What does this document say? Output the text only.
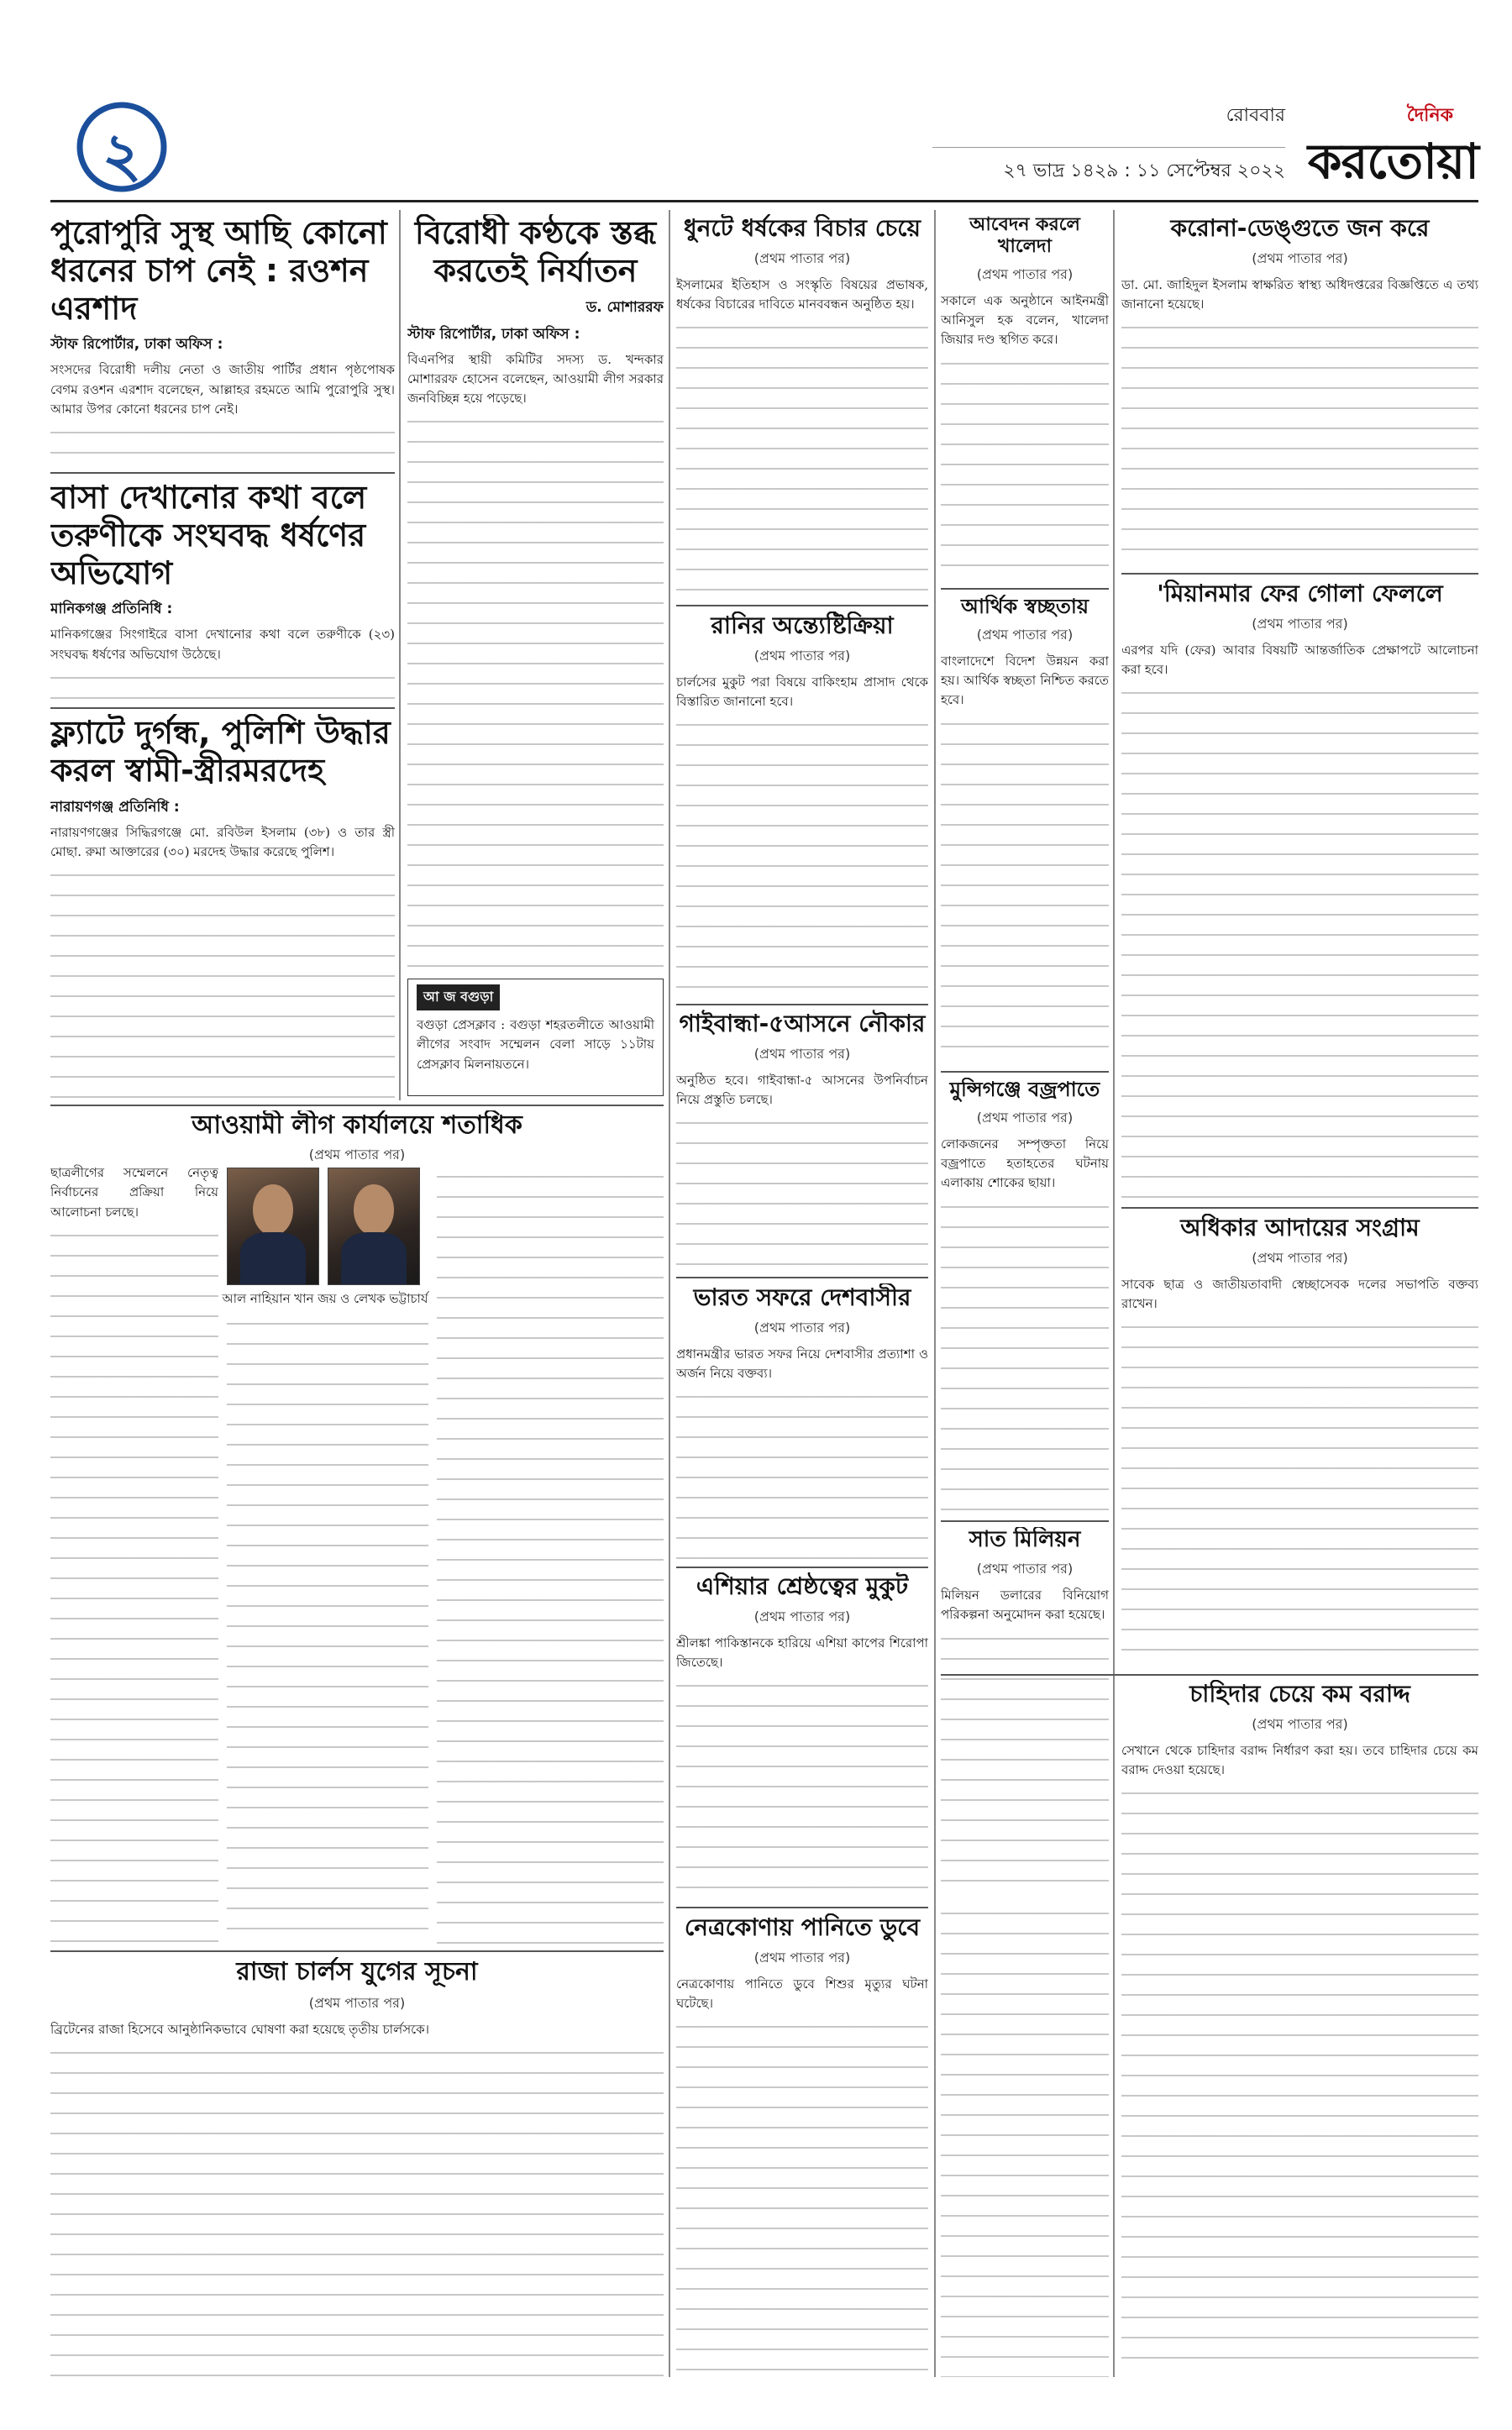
২
রোববার
২৭ ভাদ্র ১৪২৯ : ১১ সেপ্টেম্বর ২০২২
দৈনিক
করতোয়া
পুরোপুরি সুস্থ আছি কোনো ধরনের চাপ নেই : রওশন এরশাদ
স্টাফ রিপোর্টার, ঢাকা অফিস :

সংসদের বিরোধী দলীয় নেতা ও জাতীয় পার্টির প্রধান পৃষ্ঠপোষক বেগম রওশন এরশাদ বলেছেন, আল্লাহর রহমতে আমি পুরোপুরি সুস্থ। আমার উপর কোনো ধরনের চাপ নেই।

বাসা দেখানোর কথা বলে তরুণীকে সংঘবদ্ধ ধর্ষণের অভিযোগ
মানিকগঞ্জ প্রতিনিধি :

মানিকগঞ্জের সিংগাইরে বাসা দেখানোর কথা বলে তরুণীকে (২৩) সংঘবদ্ধ ধর্ষণের অভিযোগ উঠেছে।

ফ্ল্যাটে দুর্গন্ধ, পুলিশি উদ্ধার করল স্বামী-স্ত্রীরমরদেহ
নারায়ণগঞ্জ প্রতিনিধি :

নারায়ণগঞ্জের সিদ্ধিরগঞ্জে মো. রবিউল ইসলাম (৩৮) ও তার স্ত্রী মোছা. রুমা আক্তারের (৩০) মরদেহ উদ্ধার করেছে পুলিশ।

বিরোধী কণ্ঠকে স্তব্ধ করতেই নির্যাতন
ড. মোশাররফ
স্টাফ রিপোর্টার, ঢাকা অফিস :

বিএনপির স্থায়ী কমিটির সদস্য ড. খন্দকার মোশাররফ হোসেন বলেছেন, আওয়ামী লীগ সরকার জনবিচ্ছিন্ন হয়ে পড়েছে।

আ জ বগুড়া

বগুড়া প্রেসক্লাব : বগুড়া শহরতলীতে আওয়ামী লীগের সংবাদ সম্মেলন বেলা সাড়ে ১১টায় প্রেসক্লাব মিলনায়তনে।

আওয়ামী লীগ কার্যালয়ে শতাধিক
(প্রথম পাতার পর)

ছাত্রলীগের সম্মেলনে নেতৃত্ব নির্বাচনের প্রক্রিয়া নিয়ে আলোচনা চলছে।

আল নাহিয়ান খান জয় ও লেখক ভট্টাচার্য
রাজা চার্লস যুগের সূচনা
(প্রথম পাতার পর)

ব্রিটেনের রাজা হিসেবে আনুষ্ঠানিকভাবে ঘোষণা করা হয়েছে তৃতীয় চার্লসকে।

ধুনটে ধর্ষকের বিচার চেয়ে
(প্রথম পাতার পর)

ইসলামের ইতিহাস ও সংস্কৃতি বিষয়ের প্রভাষক, ধর্ষকের বিচারের দাবিতে মানববন্ধন অনুষ্ঠিত হয়।

রানির অন্ত্যেষ্টিক্রিয়া
(প্রথম পাতার পর)

চার্লসের মুকুট পরা বিষয়ে বাকিংহাম প্রাসাদ থেকে বিস্তারিত জানানো হবে।

গাইবান্ধা-৫আসনে নৌকার
(প্রথম পাতার পর)

অনুষ্ঠিত হবে। গাইবান্ধা-৫ আসনের উপনির্বাচন নিয়ে প্রস্তুতি চলছে।

ভারত সফরে দেশবাসীর
(প্রথম পাতার পর)

প্রধানমন্ত্রীর ভারত সফর নিয়ে দেশবাসীর প্রত্যাশা ও অর্জন নিয়ে বক্তব্য।

এশিয়ার শ্রেষ্ঠত্বের মুকুট
(প্রথম পাতার পর)

শ্রীলঙ্কা পাকিস্তানকে হারিয়ে এশিয়া কাপের শিরোপা জিতেছে।

নেত্রকোণায় পানিতে ডুবে
(প্রথম পাতার পর)

নেত্রকোণায় পানিতে ডুবে শিশুর মৃত্যুর ঘটনা ঘটেছে।

আবেদন করলে খালেদা
(প্রথম পাতার পর)

সকালে এক অনুষ্ঠানে আইনমন্ত্রী আনিসুল হক বলেন, খালেদা জিয়ার দণ্ড স্থগিত করে।

আর্থিক স্বচ্ছতায়
(প্রথম পাতার পর)

বাংলাদেশে বিদেশ উন্নয়ন করা হয়। আর্থিক স্বচ্ছতা নিশ্চিত করতে হবে।

মুন্সিগঞ্জে বজ্রপাতে
(প্রথম পাতার পর)

লোকজনের সম্পৃক্ততা নিয়ে বজ্রপাতে হতাহতের ঘটনায় এলাকায় শোকের ছায়া।

সাত মিলিয়ন
(প্রথম পাতার পর)

মিলিয়ন ডলারের বিনিয়োগ পরিকল্পনা অনুমোদন করা হয়েছে।

করোনা-ডেঙ্গুতে জন করে
(প্রথম পাতার পর)

ডা. মো. জাহিদুল ইসলাম স্বাক্ষরিত স্বাস্থ্য অধিদপ্তরের বিজ্ঞপ্তিতে এ তথ্য জানানো হয়েছে।

'মিয়ানমার ফের গোলা ফেললে
(প্রথম পাতার পর)

এরপর যদি (ফের) আবার বিষয়টি আন্তর্জাতিক প্রেক্ষাপটে আলোচনা করা হবে।

অধিকার আদায়ের সংগ্রাম
(প্রথম পাতার পর)

সাবেক ছাত্র ও জাতীয়তাবাদী স্বেচ্ছাসেবক দলের সভাপতি বক্তব্য রাখেন।

চাহিদার চেয়ে কম বরাদ্দ
(প্রথম পাতার পর)

সেখানে থেকে চাহিদার বরাদ্দ নির্ধারণ করা হয়। তবে চাহিদার চেয়ে কম বরাদ্দ দেওয়া হয়েছে।
